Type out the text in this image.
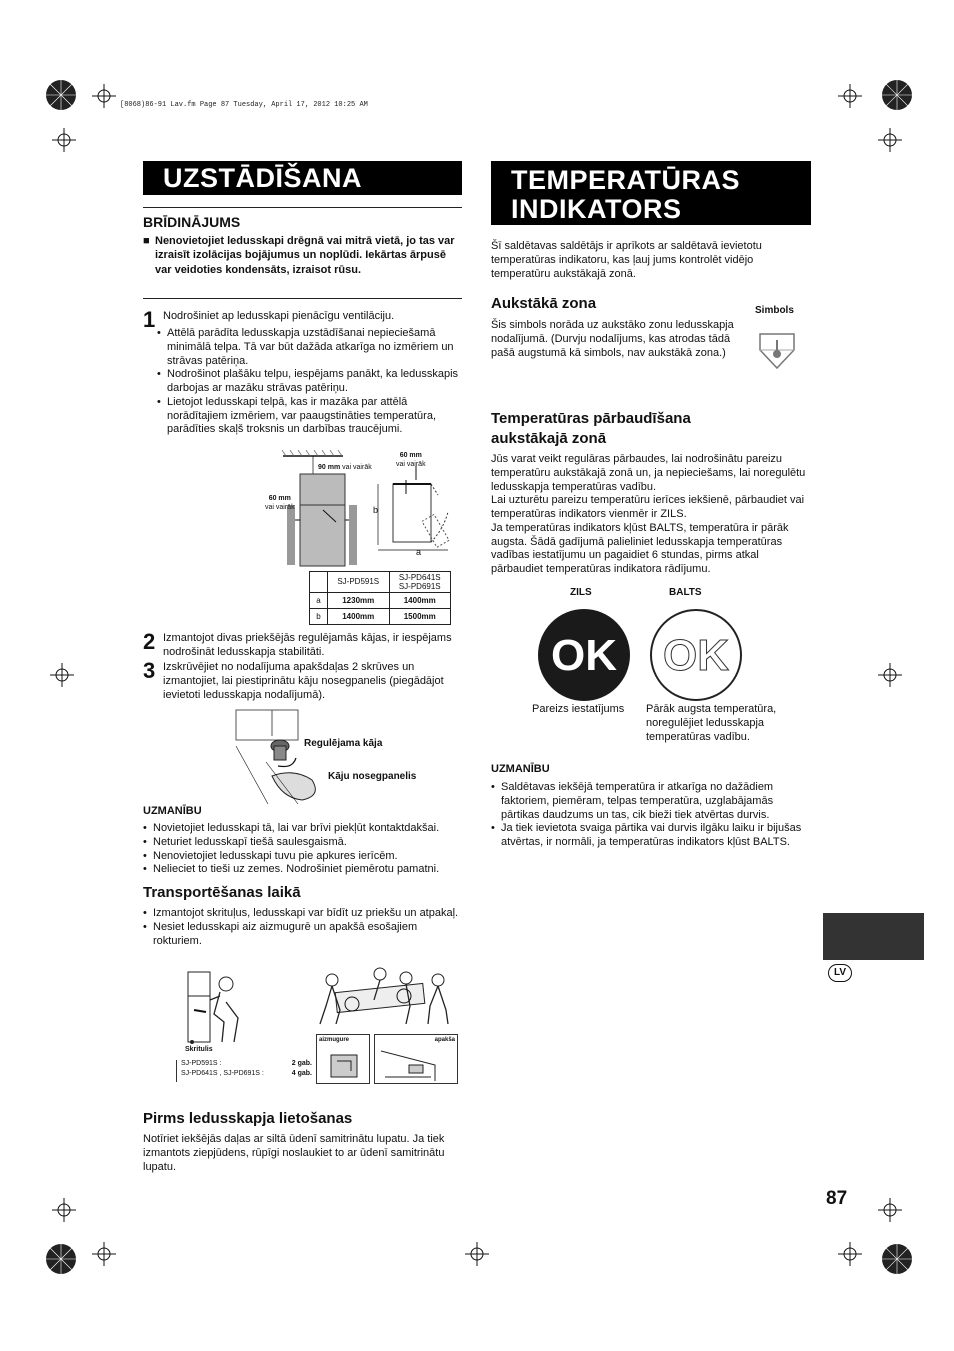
[8068)86-91 Lav.fm Page 87 Tuesday, April 17, 2012 10:25 AM
UZSTĀDĪŠANA
BRĪDINĀJUMS
■ Nenovietojiet ledusskapi drēgnā vai mitrā vietā, jo tas var izraisīt izolācijas bojājumus un noplūdi. Iekārtas ārpusē var veidoties kondensāts, izraisot rūsu.
1 Nodrošiniet ap ledusskapi pienācīgu ventilāciju.
• Attēlā parādīta ledusskapja uzstādīšanai nepieciešamā minimālā telpa. Tā var būt dažāda atkarīga no izmēriem un strāvas patēriņa.
• Nodrošinot plašāku telpu, iespējams panākt, ka ledusskapis darbojas ar mazāku strāvas patēriņu.
• Lietojot ledusskapi telpā, kas ir mazāka par attēlā norādītajiem izmēriem, var paaugstināties temperatūra, parādīties skaļš troksnis un darbības traucējumi.
90 mm vai vairāk
60 mm
vai vairāk
60 mm
vai vairāk
b
a
	SJ-PD591S	SJ-PD641S
SJ-PD691S
a	1230mm	1400mm
b	1400mm	1500mm
2 Izmantojot divas priekšējās regulējamās kājas, ir iespējams nodrošināt ledusskapja stabilitāti.
3 Izskrūvējiet no nodalījuma apakšdaļas 2 skrūves un izmantojiet, lai piestiprinātu kāju nosegpanelis (piegādājot ievietoti ledusskapja nodalījumā).
Regulējama kāja
Kāju nosegpanelis
UZMANĪBU
• Novietojiet ledusskapi tā, lai var brīvi piekļūt kontaktdakšai.
• Neturiet ledusskapī tiešā saulesgaismā.
• Nenovietojiet ledusskapi tuvu pie apkures ierīcēm.
• Nelieciet to tieši uz zemes. Nodrošiniet piemērotu pamatni.
Transportēšanas laikā
• Izmantojot skrituļus, ledusskapi var bīdīt uz priekšu un atpakaļ.
• Nesiet ledusskapi aiz aizmugurē un apakšā esošajiem rokturiem.
Skritulis
aizmugure	apakša
SJ-PD591S :	2 gab.
SJ-PD641S , SJ-PD691S :	4 gab.
Pirms ledusskapja lietošanas
Notīriet iekšējās daļas ar siltā ūdenī samitrinātu lupatu. Ja tiek izmantots ziepjūdens, rūpīgi noslaukiet to ar ūdenī samitrinātu lupatu.
TEMPERATŪRAS
INDIKATORS
Šī saldētavas saldētājs ir aprīkots ar saldētavā ievietotu temperatūras indikatoru, kas ļauj jums kontrolēt vidējo temperatūru aukstākajā zonā.
Aukstākā zona	Simbols
Šis simbols norāda uz aukstāko zonu ledusskapja nodalījumā. (Durvju nodalījums, kas atrodas tādā pašā augstumā kā simbols, nav aukstākā zona.)
Temperatūras pārbaudīšana
aukstākajā zonā
Jūs varat veikt regulāras pārbaudes, lai nodrošinātu pareizu temperatūru aukstākajā zonā un, ja nepieciešams, lai noregulētu ledusskapja temperatūras vadību.
Lai uzturētu pareizu temperatūru ierīces iekšienē, pārbaudiet vai temperatūras indikators vienmēr ir ZILS.
Ja temperatūras indikators kļūst BALTS, temperatūra ir pārāk augsta. Šādā gadījumā palieliniet ledusskapja temperatūras vadības iestatījumu un pagaidiet 6 stundas, pirms atkal pārbaudiet temperatūras indikatora rādījumu.
ZILS	BALTS
OK OK
Pareizs iestatījums Pārāk augsta temperatūra, noregulējiet ledusskapja temperatūras vadību.
UZMANĪBU
• Saldētavas iekšējā temperatūra ir atkarīga no dažādiem faktoriem, piemēram, telpas temperatūra, uzglabājamās pārtikas daudzums un tas, cik bieži tiek atvērtas durvis.
• Ja tiek ievietota svaiga pārtika vai durvis ilgāku laiku ir bijušas atvērtas, ir normāli, ja temperatūras indikators kļūst BALTS.
LV
87
